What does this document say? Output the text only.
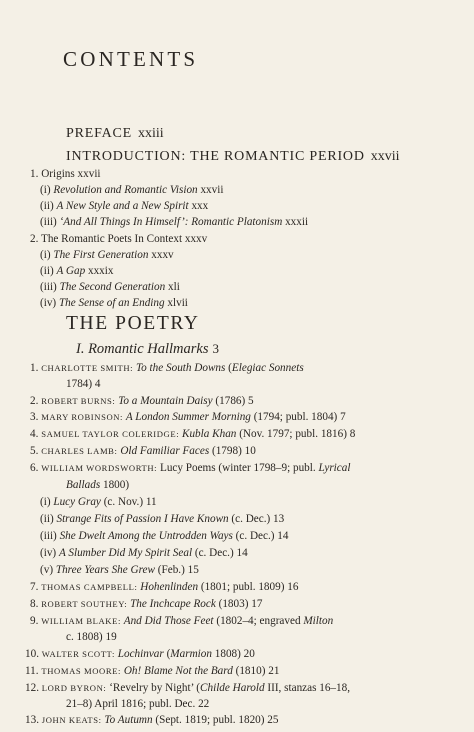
CONTENTS
PREFACE xxiii
INTRODUCTION: THE ROMANTIC PERIOD xxvii
1. Origins xxvii
(i) Revolution and Romantic Vision xxvii
(ii) A New Style and a New Spirit xxx
(iii) ‘And All Things In Himself’: Romantic Platonism xxxii
2. The Romantic Poets In Context xxxv
(i) The First Generation xxxv
(ii) A Gap xxxix
(iii) The Second Generation xli
(iv) The Sense of an Ending xlvii
THE POETRY
I. Romantic Hallmarks 3
1. CHARLOTTE SMITH: To the South Downs (Elegiac Sonnets
1784) 4
2. ROBERT BURNS: To a Mountain Daisy (1786) 5
3. MARY ROBINSON: A London Summer Morning (1794; publ. 1804) 7
4. SAMUEL TAYLOR COLERIDGE: Kubla Khan (Nov. 1797; publ. 1816) 8
5. CHARLES LAMB: Old Familiar Faces (1798) 10
6. WILLIAM WORDSWORTH: Lucy Poems (winter 1798–9; publ. Lyrical
Ballads 1800)
(i) Lucy Gray (c. Nov.) 11
(ii) Strange Fits of Passion I Have Known (c. Dec.) 13
(iii) She Dwelt Among the Untrodden Ways (c. Dec.) 14
(iv) A Slumber Did My Spirit Seal (c. Dec.) 14
(v) Three Years She Grew (Feb.) 15
7. THOMAS CAMPBELL: Hohenlinden (1801; publ. 1809) 16
8. ROBERT SOUTHEY: The Inchcape Rock (1803) 17
9. WILLIAM BLAKE: And Did Those Feet (1802–4; engraved Milton
c. 1808) 19
10. WALTER SCOTT: Lochinvar (Marmion 1808) 20
11. THOMAS MOORE: Oh! Blame Not the Bard (1810) 21
12. LORD BYRON: ‘Revelry by Night’ (Childe Harold III, stanzas 16–18,
21–8) April 1816; publ. Dec. 22
13. JOHN KEATS: To Autumn (Sept. 1819; publ. 1820) 25
